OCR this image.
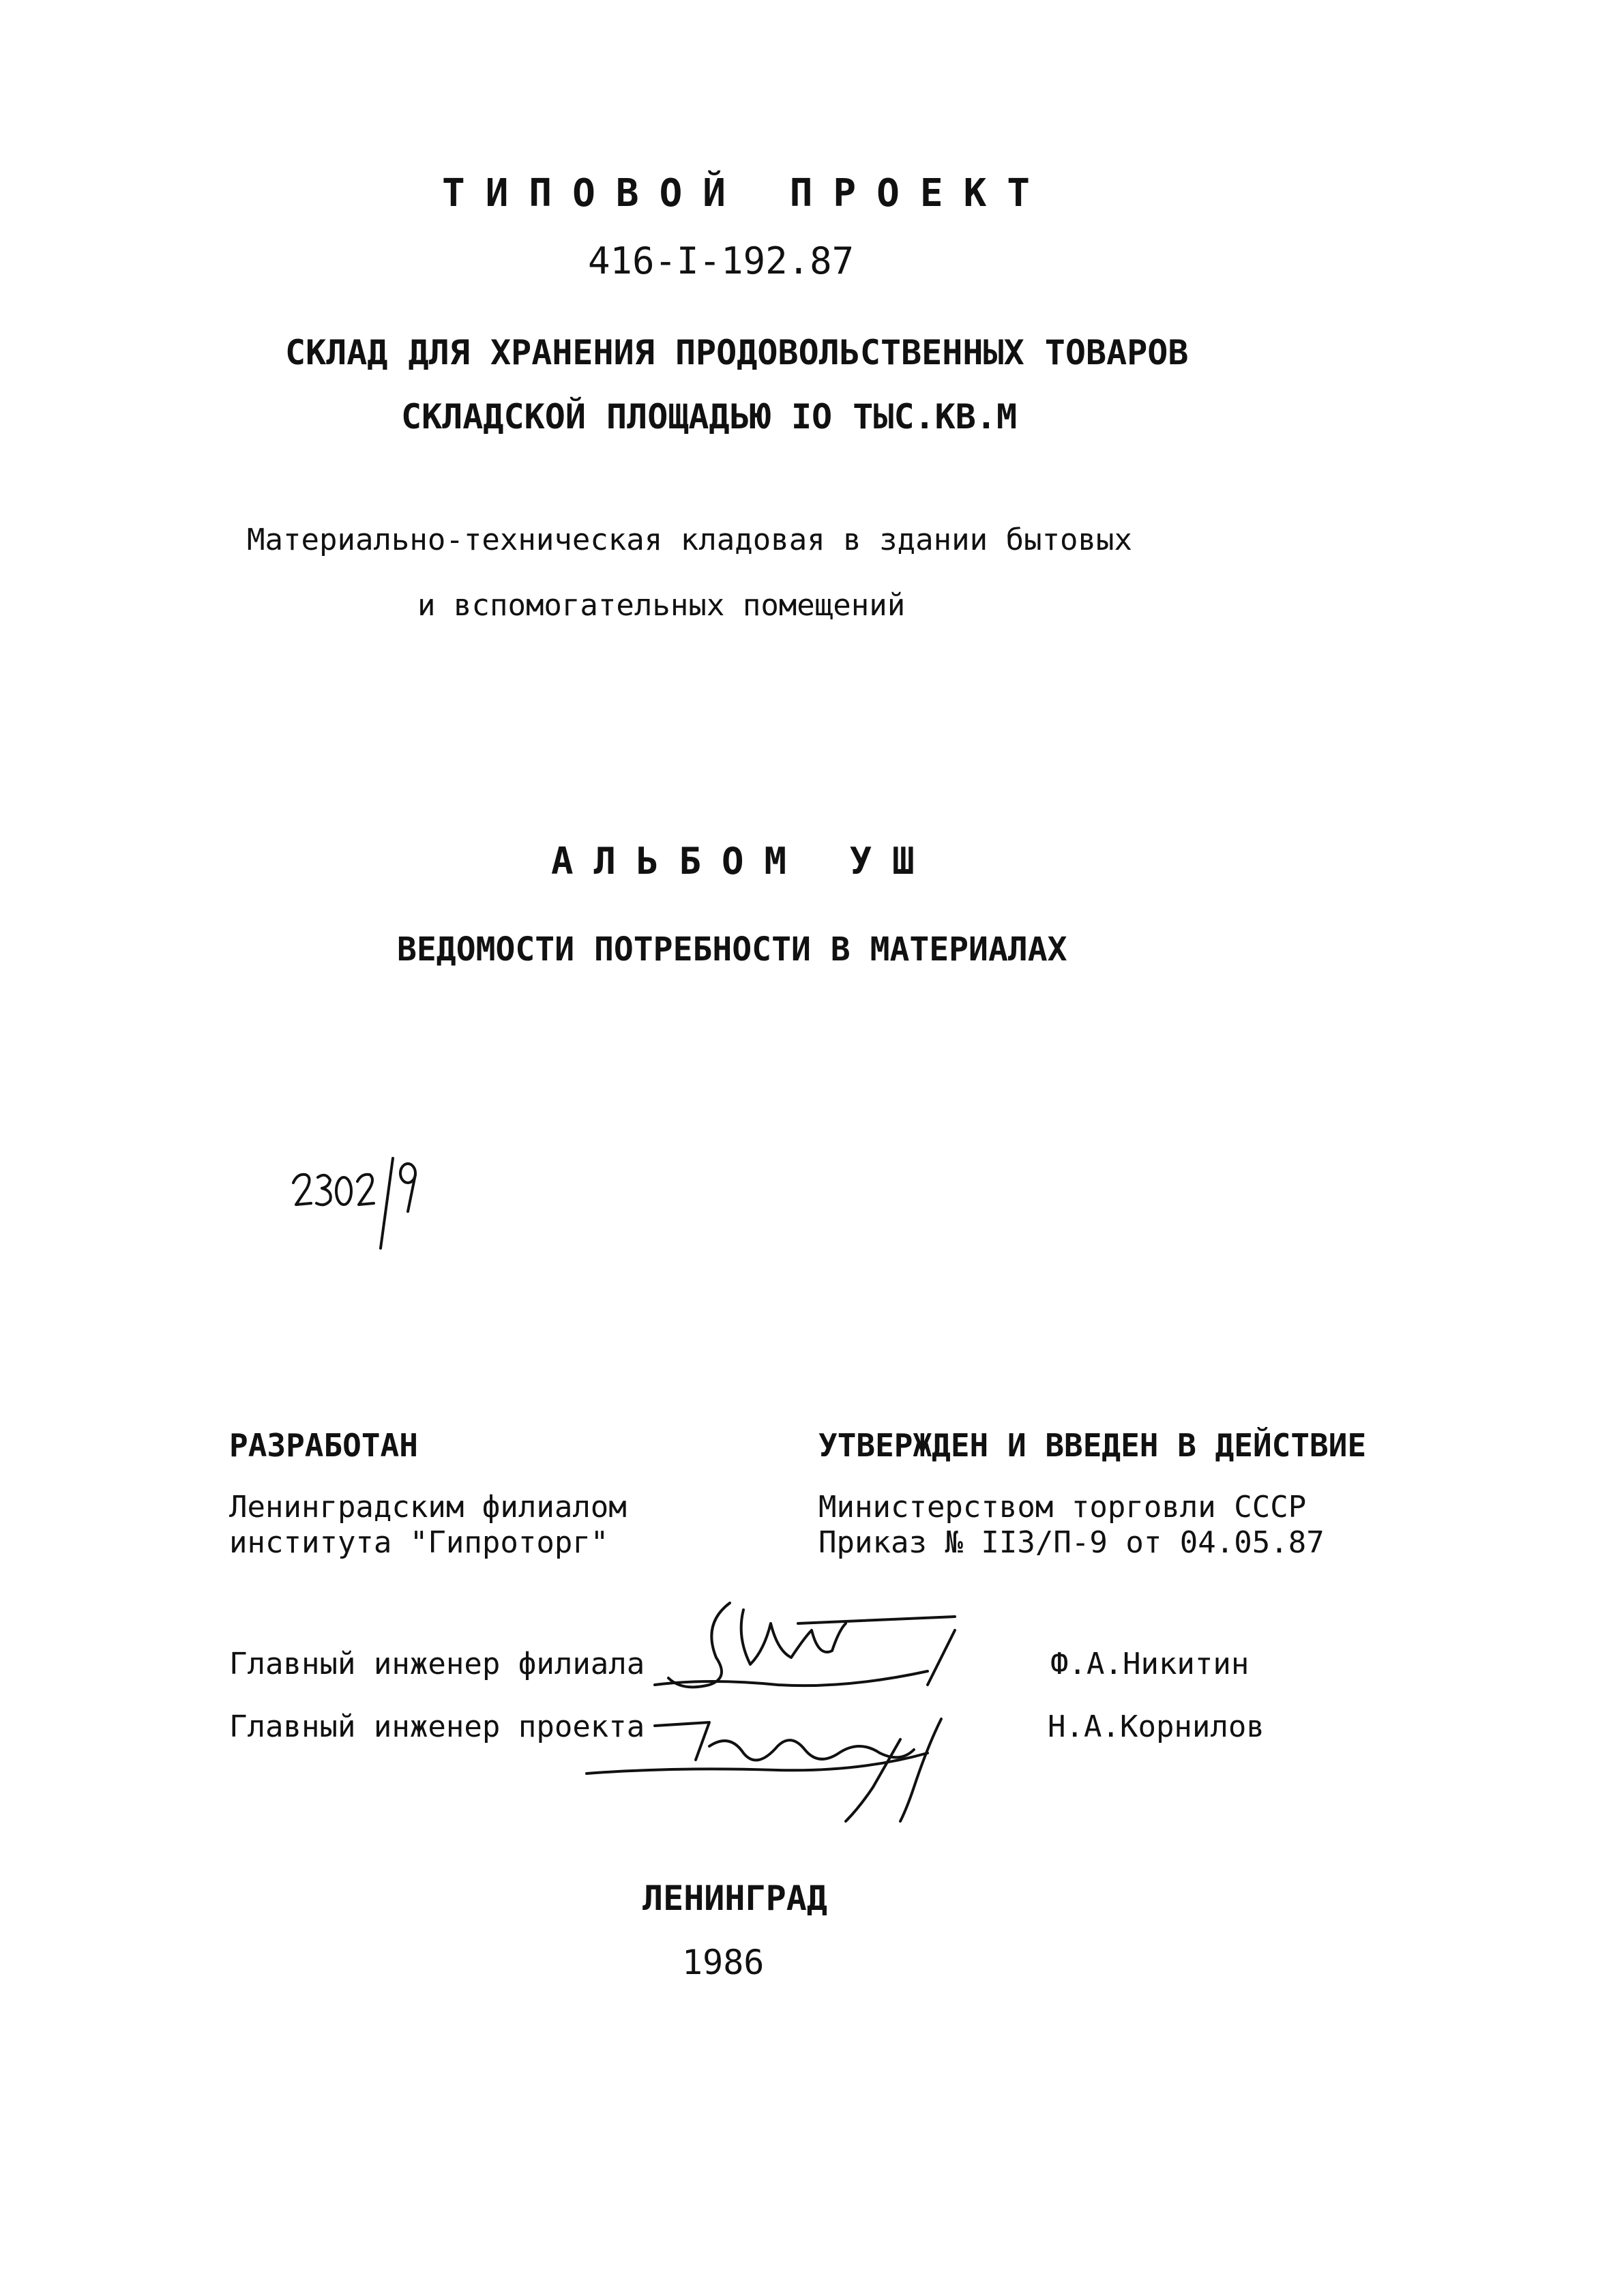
ТИПОВОЙ ПРОЕКТ
416-I-192.87
СКЛАД ДЛЯ ХРАНЕНИЯ ПРОДОВОЛЬСТВЕННЫХ ТОВАРОВ
СКЛАДСКОЙ ПЛОЩАДЬЮ IO ТЫС.КВ.М
Материально-техническая кладовая в здании бытовых
и вспомогательных помещений
АЛЬБОМ УШ
ВЕДОМОСТИ ПОТРЕБНОСТИ В МАТЕРИАЛАХ
РАЗРАБОТАН
Ленинградским филиалом
института "Гипроторг"
УТВЕРЖДЕН И ВВЕДЕН В ДЕЙСТВИЕ
Министерством торговли СССР
Приказ № II3/П-9 от 04.05.87
Главный инженер филиала	Ф.А.Никитин
Главный инженер проекта	Н.А.Корнилов
ЛЕНИНГРАД
1986
